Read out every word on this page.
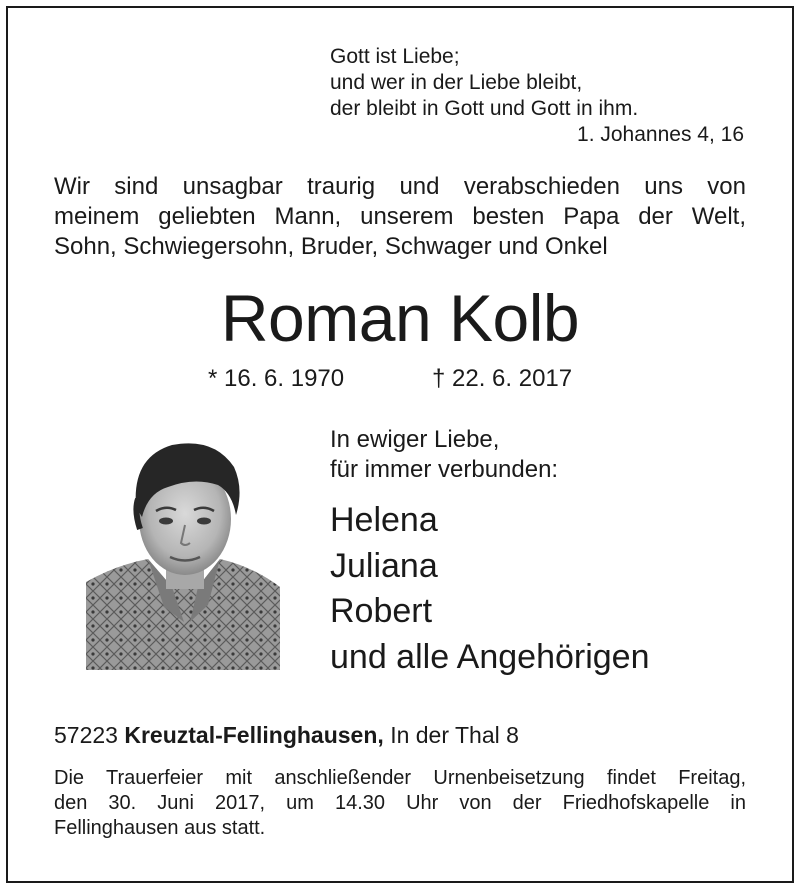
Gott ist Liebe;
und wer in der Liebe bleibt,
der bleibt in Gott und Gott in ihm.
1. Johannes 4, 16
Wir sind unsagbar traurig und verabschieden uns von
meinem geliebten Mann, unserem besten Papa der Welt,
Sohn, Schwiegersohn, Bruder, Schwager und Onkel
Roman Kolb
* 16. 6. 1970	† 22. 6. 2017
In ewiger Liebe,
für immer verbunden:
Helena
Juliana
Robert
und alle Angehörigen
57223 Kreuztal-Fellinghausen, In der Thal 8
Die Trauerfeier mit anschließender Urnenbeisetzung findet Freitag,
den 30. Juni 2017, um 14.30 Uhr von der Friedhofskapelle in
Fellinghausen aus statt.
